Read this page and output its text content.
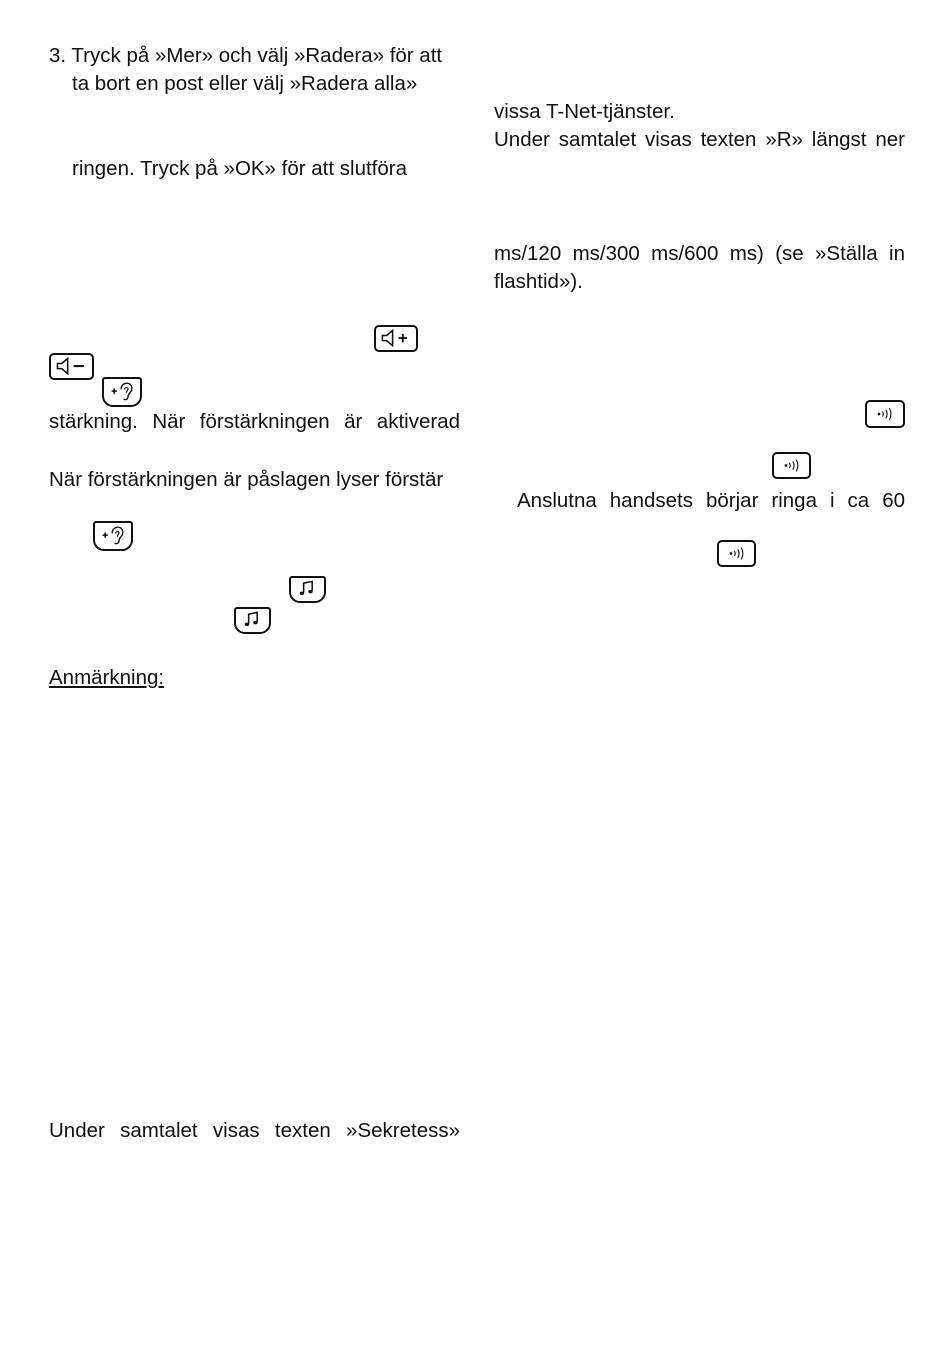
3. Tryck på »Mer» och välj »Radera» för att
ta bort en post eller välj »Radera alla»
ringen. Tryck på »OK» för att slutföra
stärkning. När förstärkningen är aktiverad
När förstärkningen är påslagen lyser förstär
Anmärkning:
Under samtalet visas texten »Sekretess»
vissa T-Net-tjänster.
Under samtalet visas texten »R» längst ner
ms/120 ms/300 ms/600 ms) (se »Ställa in
flashtid»).
Anslutna handsets börjar ringa i ca 60
